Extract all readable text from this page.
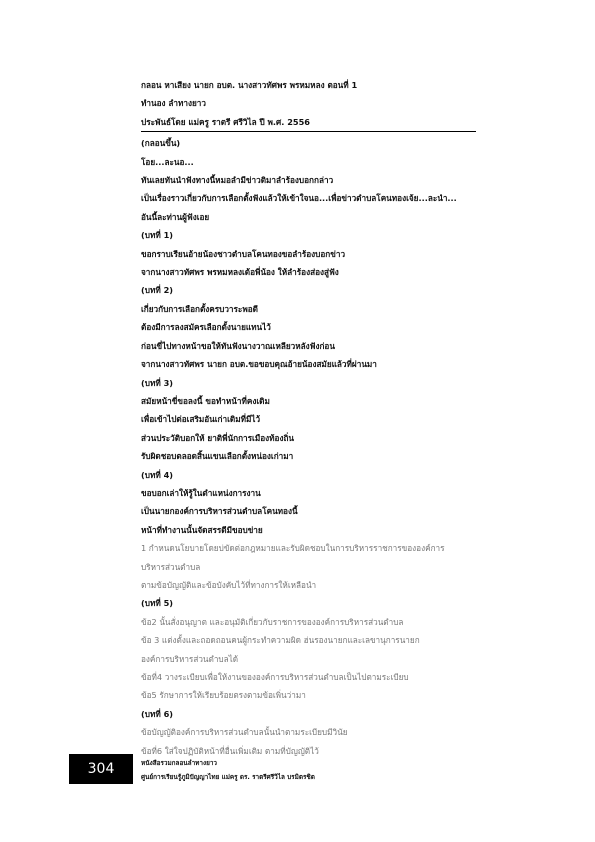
กลอน หาเสียง นายก อบต. นางสาวทัศพร พรหมหลง ตอนที่ 1
ทำนอง ลำทางยาว
ประพันธ์โดย แม่ครู ราตรี ศรีวิไล ปี พ.ศ. 2556
(กลอนขึ้น)
โอย...ละนอ...
ทันเลยทันนำฟังทางนี้หมอลำมีข่าวดิมาลำร้องบอกกล่าว
เป็นเรื่องราวเกี่ยวกับการเลือกตั้งฟังแล้วให้เข้าใจนอ...เพื่อข่าวตำบลโคนทองเจ้ย...ละนำ...
อันนี้ละท่านผู้ฟังเอย
(บทที่ 1)
ขอกราบเรียนอ้ายน้องชาวตำบลโคนทองขอลำร้องบอกข่าว
จากนางสาวทัศพร พรหมหลงเด้อพี่น้อง ให้ลำร้องส่องสู่ฟัง
(บทที่ 2)
เกี่ยวกับการเลือกตั้งครบวาระพอดี
ต้องมีการลงสมัครเลือกตั้งนายแทนไว้
ก่อนขี่ไปทางหน้าขอให้ทันฟังนางวาณเหลียวหลังฟังก่อน
จากนางสาวทัศพร นายก อบต.ขอขอบคุณอ้ายน้องสมัยแล้วที่ผ่านมา
(บทที่ 3)
สมัยหน้าขี่ขอลงนี้ ขอทำหน้าที่คงเดิม
เพื่อเข้าไปต่อเสริมอันเก่าเดิมที่มีไว้
ส่วนประวัติบอกให้ ยาติพี่นักการเมืองท้องถิ่น
รับผิดชอบตลอดสิ้นแขนเลือกตั้งหน่องเก่ามา
(บทที่ 4)
ขอบอกเล่าให้รู้ในตำแหน่งการงาน
เป็นนายกองค์การบริหารส่วนตำบลโคนทองนี้
หน้าที่ทำงานนั้นจัดสรรดีมีขอบข่าย
1 กำหนดนโยบายโดยบ่ขัดต่อกฎหมายและรับผิดชอบในการบริหารราชการขององค์การ
บริหารส่วนตำบล
ตามข้อบัญญัติและข้อบังคับไว้ที่ทางการให้เหลือนำ
(บทที่ 5)
ข้อ2 นั้นสั่งอนุญาต และอนุมัติเกี่ยวกับราชการขององค์การบริหารส่วนตำบล
ข้อ 3 แต่งตั้งและถอดถอนคนผู้กระทำความผิด ฮ่นรองนายกและเลขานุการนายก
องค์การบริหารส่วนตำบลได้
ข้อที่4 วางระเบียบเพื่อให้งานขององค์การบริหารส่วนตำบลเป็นไปตามระเบียบ
ข้อ5 รักษาการให้เรียบร้อยตรงตามข้อเพิ่นว่ามา
(บทที่ 6)
ข้อบัญญัติองค์การบริหารส่วนตำบลนั้นนำตามระเบียบมีวินัย
ข้อที่6 ใส่ใจปฏิบัติหน้าที่อื่นเพิ่มเติม ตามที่บัญญัติไว้
304	หนังสือรวมกลอนลำทางยาว
ศูนย์การเรียนรู้ภูมิปัญญาไทย แม่ครู ดร. ราตรีศรีวิไล บรมิตรชิต
